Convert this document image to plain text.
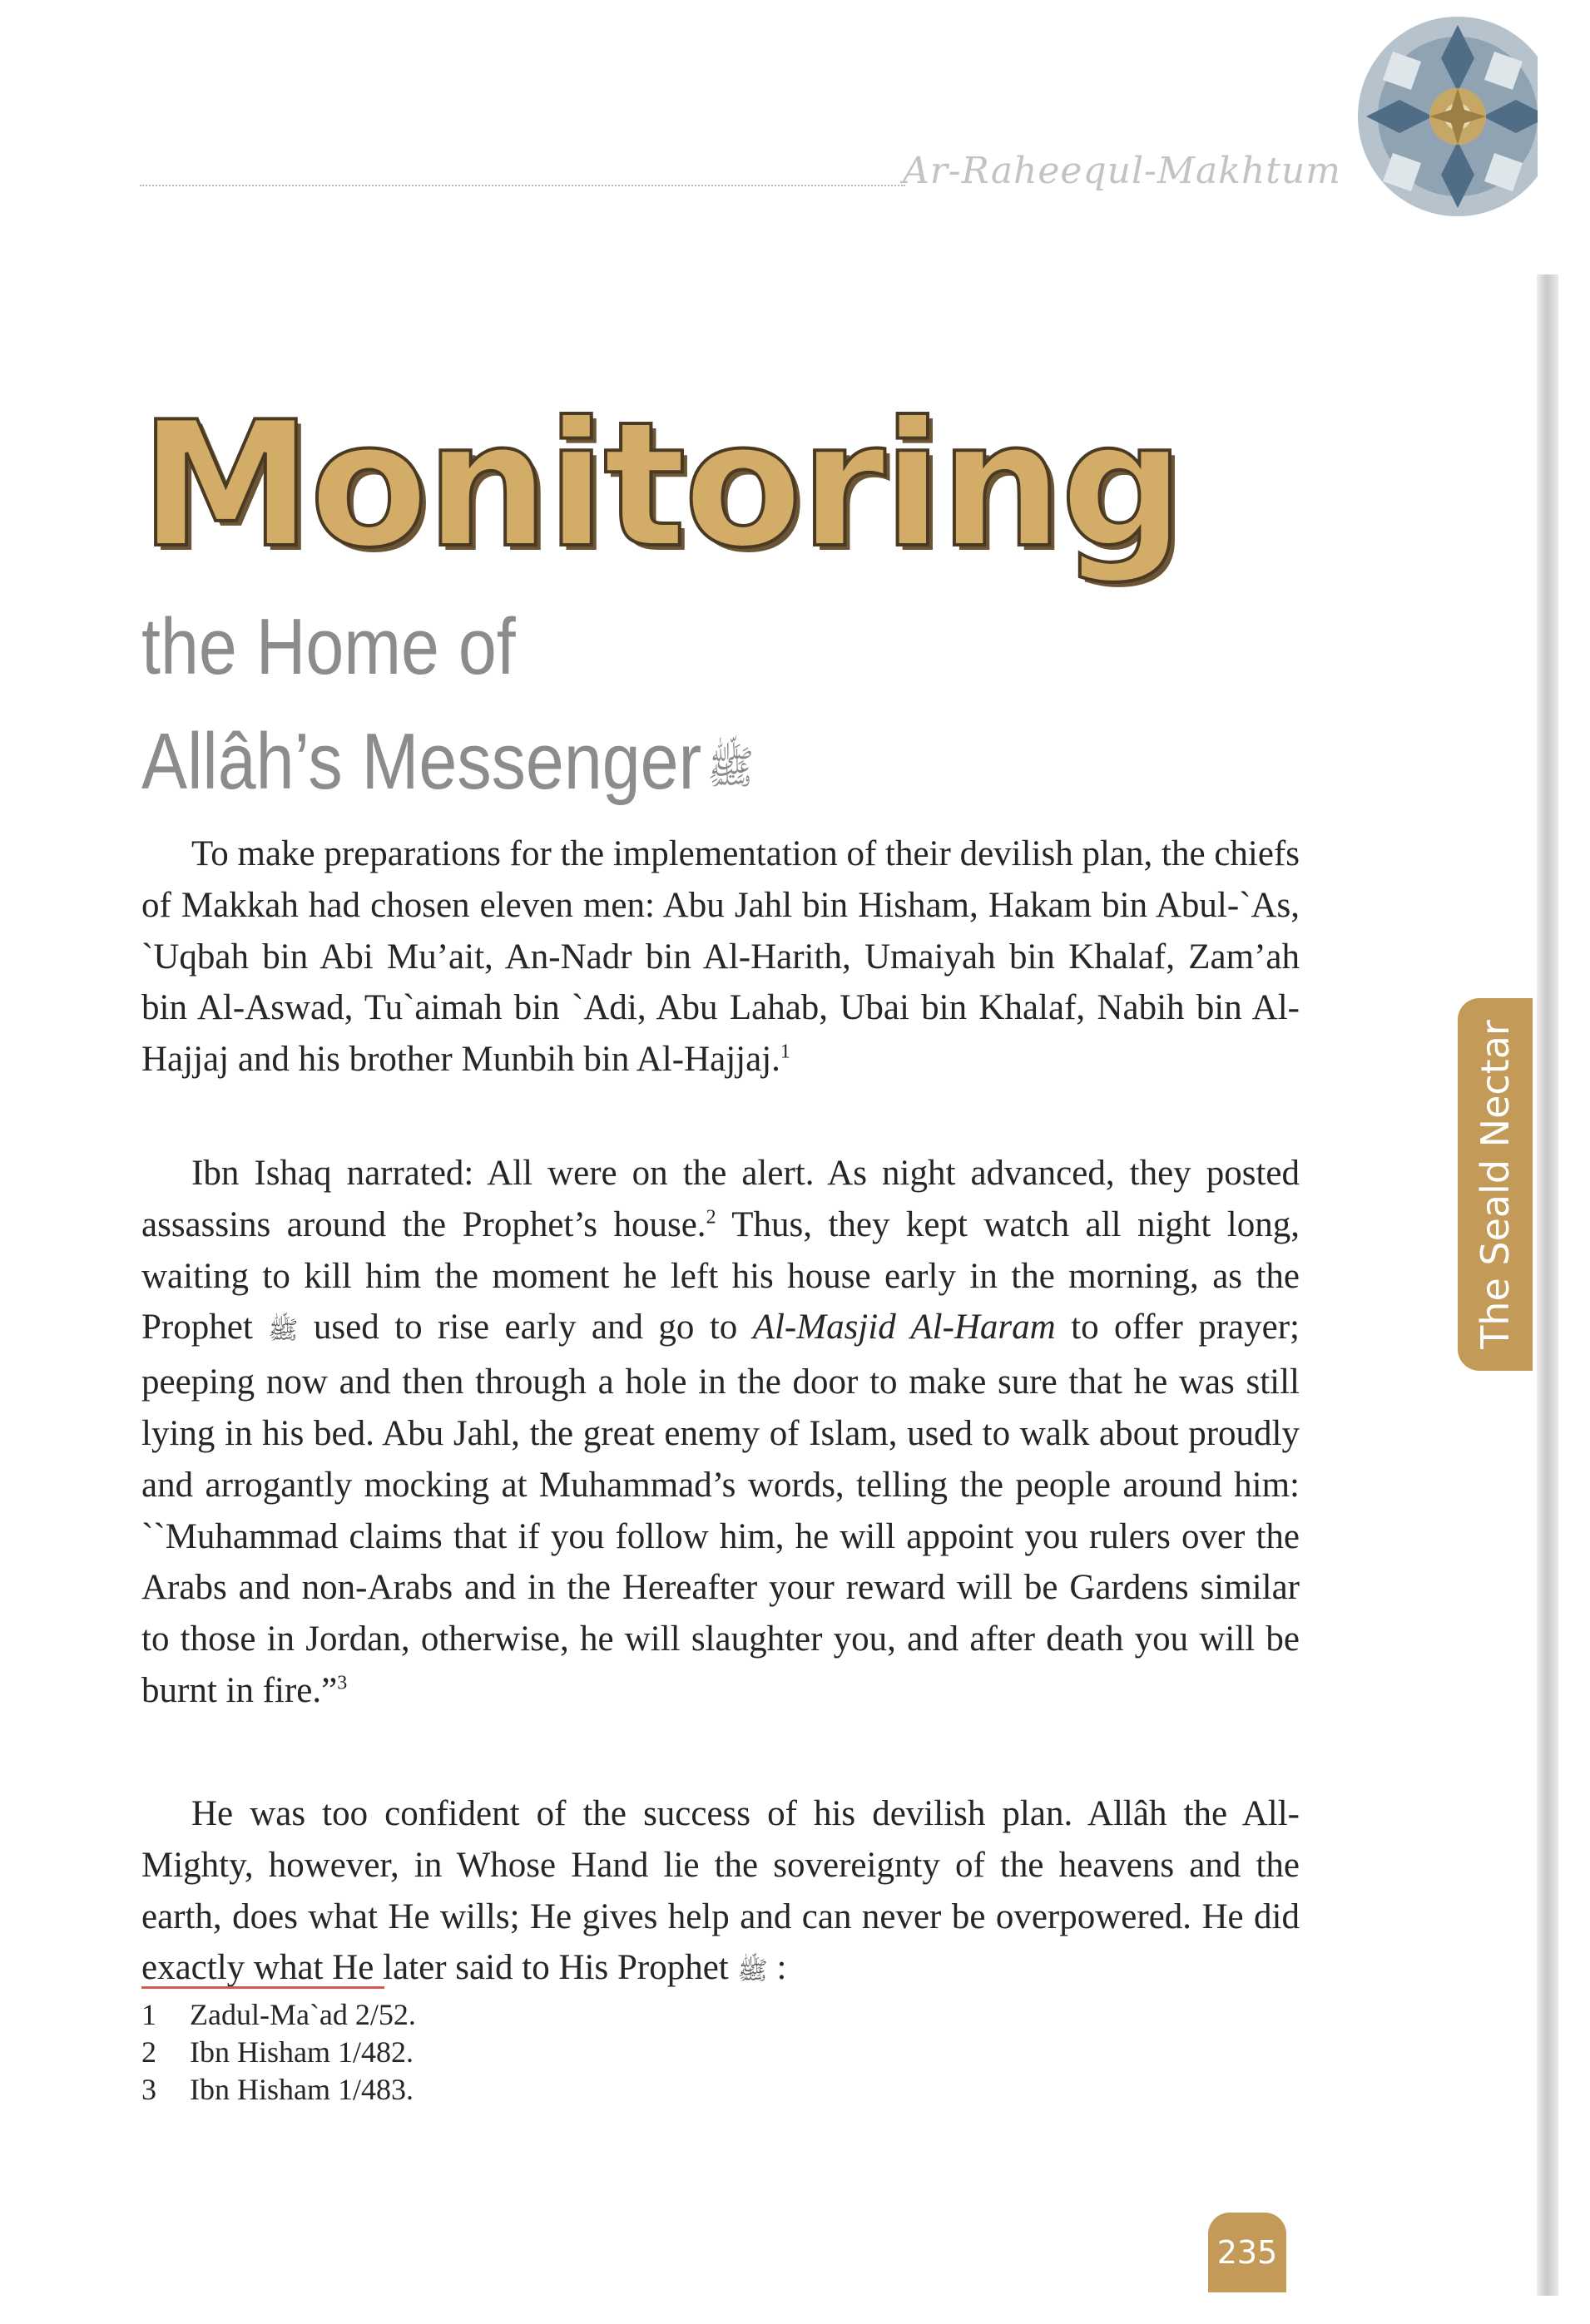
Ar-Raheequl-Makhtum
The Seald Nectar
Monitoring
the Home of
Allâh’s Messenger ﷺ

To make preparations for the implementation of their devilish plan, the chiefs of Makkah had chosen eleven men: Abu Jahl bin Hisham, Hakam bin Abul-`As, `Uqbah bin Abi Mu’ait, An-Nadr bin Al-Harith, Umaiyah bin Khalaf, Zam’ah bin Al-Aswad, Tu`aimah bin `Adi, Abu Lahab, Ubai bin Khalaf, Nabih bin Al-Hajjaj and his brother Munbih bin Al-Hajjaj.$^1$

Ibn Ishaq narrated: All were on the alert. As night advanced, they posted assassins around the Prophet’s house.$^2$ Thus, they kept watch all night long, waiting to kill him the moment he left his house early in the morning, as the Prophet ﷺ used to rise early and go to Al-Masjid Al-Haram to offer prayer; peeping now and then through a hole in the door to make sure that he was still lying in his bed. Abu Jahl, the great enemy of Islam, used to walk about proudly and arrogantly mocking at Muhammad’s words, telling the people around him: ``Muhammad claims that if you follow him, he will appoint you rulers over the Arabs and non-Arabs and in the Hereafter your reward will be Gardens similar to those in Jordan, otherwise, he will slaughter you, and after death you will be burnt in fire.”$^3$

He was too confident of the success of his devilish plan. Allâh the All-Mighty, however, in Whose Hand lie the sovereignty of the heavens and the earth, does what He wills; He gives help and can never be overpowered. He did exactly what He later said to His Prophet ﷺ :

1	Zadul-Ma`ad 2/52.
2	Ibn Hisham 1/482.
3	Ibn Hisham 1/483.
235
